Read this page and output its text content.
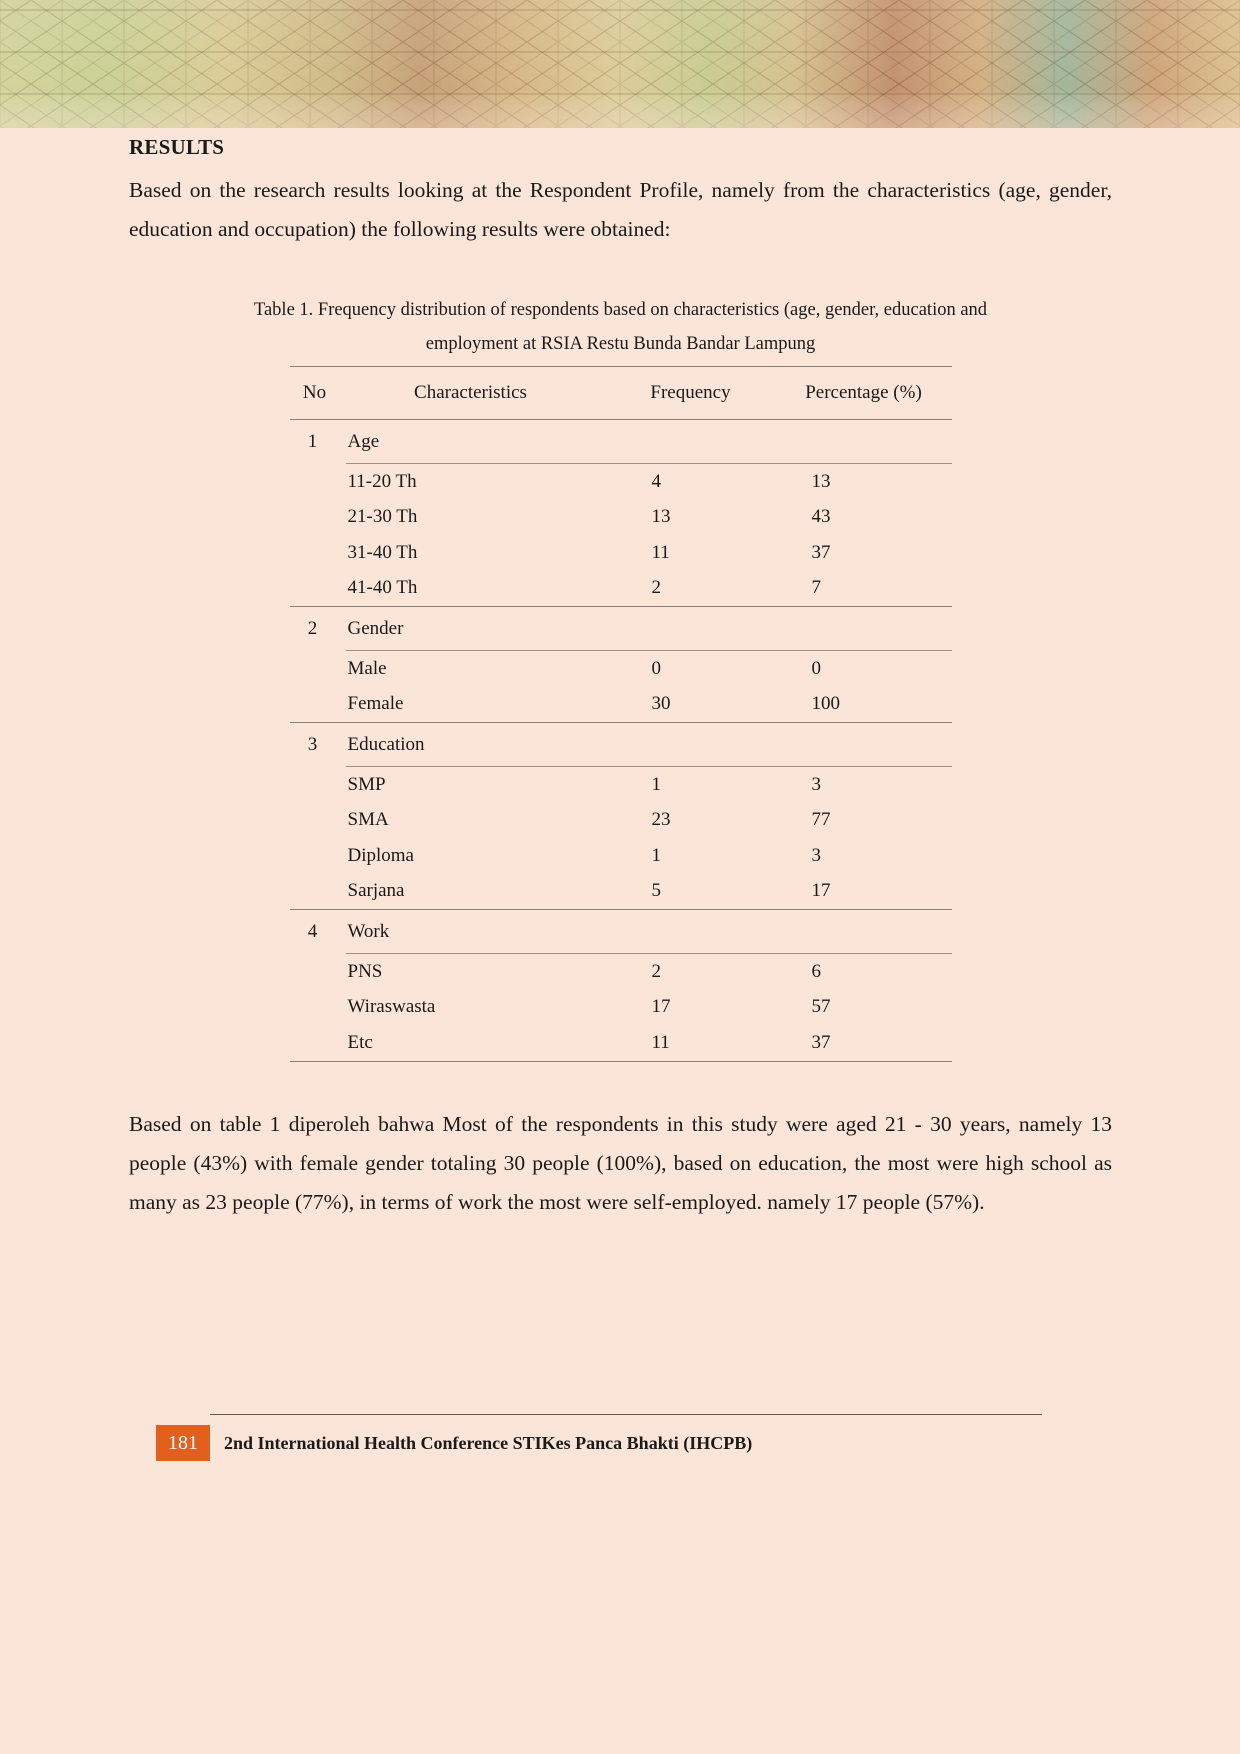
RESULTS

Based on the research results looking at the Respondent Profile, namely from the characteristics (age, gender, education and occupation) the following results were obtained:

Table 1. Frequency distribution of respondents based on characteristics (age, gender, education and
employment at RSIA Restu Bunda Bandar Lampung
No	Characteristics	Frequency	Percentage (%)
1	Age		
	11-20 Th	4	13
	21-30 Th	13	43
	31-40 Th	11	37
	41-40 Th	2	7
2	Gender		
	Male	0	0
	Female	30	100
3	Education		
	SMP	1	3
	SMA	23	77
	Diploma	1	3
	Sarjana	5	17
4	Work		
	PNS	2	6
	Wiraswasta	17	57
	Etc	11	37

Based on table 1 diperoleh bahwa Most of the respondents in this study were aged 21 - 30 years, namely 13 people (43%) with female gender totaling 30 people (100%), based on education, the most were high school as many as 23 people (77%), in terms of work the most were self-employed. namely 17 people (57%).

181	2nd International Health Conference STIKes Panca Bhakti (IHCPB)
